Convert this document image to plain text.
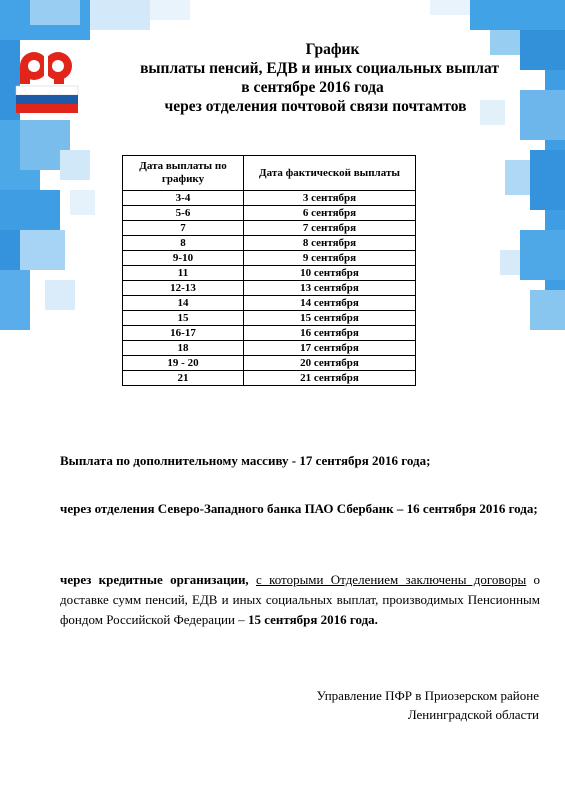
График
выплаты пенсий, ЕДВ и иных социальных выплат
в сентябре 2016 года
через отделения почтовой связи почтамтов
Дата выплаты по графику	Дата фактической выплаты
3-4	3 сентября
5-6	6 сентября
7	7 сентября
8	8 сентября
9-10	9 сентября
11	10 сентября
12-13	13 сентября
14	14 сентября
15	15 сентября
16-17	16 сентября
18	17 сентября
19 - 20	20 сентября
21	21 сентября
Выплата по дополнительному массиву - 17 сентября 2016 года;
через отделения Северо-Западного банка ПАО Сбербанк – 16 сентября 2016 года;
через кредитные организации, с которыми Отделением заключены договоры о доставке сумм пенсий, ЕДВ и иных социальных выплат, производимых Пенсионным фондом Российской Федерации – 15 сентября 2016 года.
Управление ПФР в Приозерском районе
Ленинградской области
